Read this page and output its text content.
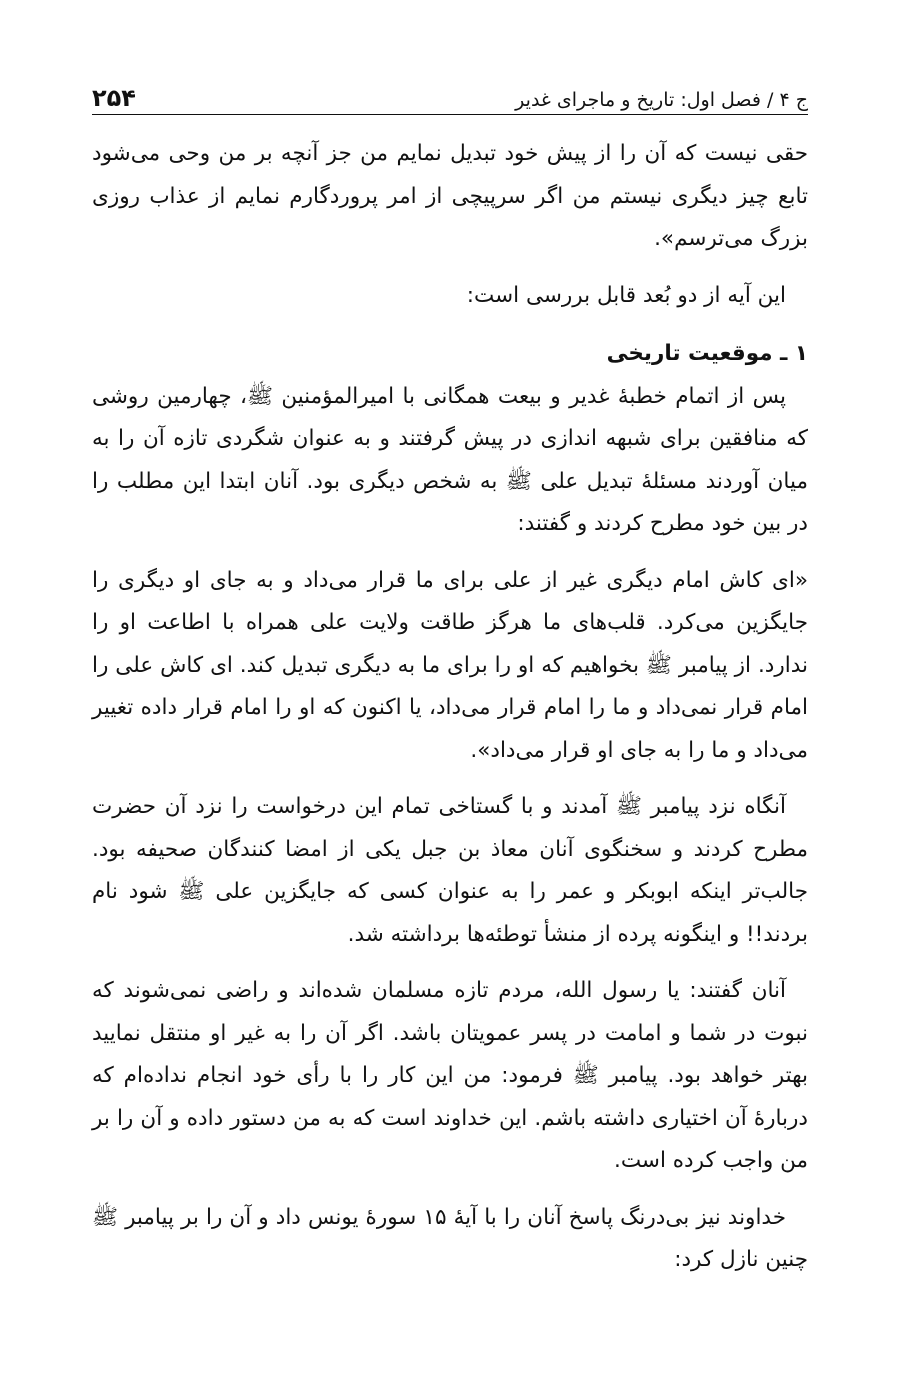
ج ۴ / فصل اول: تاریخ و ماجرای غدیر
۲۵۴

حقی نیست که آن را از پیش خود تبدیل نمایم من جز آنچه بر من وحی می‌شود تابع چیز دیگری نیستم من اگر سرپیچی از امر پروردگارم نمایم از عذاب روزی بزرگ می‌ترسم».

این آیه از دو بُعد قابل بررسی است:

۱ ـ موقعیت تاریخی

پس از اتمام خطبهٔ غدیر و بیعت همگانی با امیرالمؤمنین ﷺ، چهارمین روشی که منافقین برای شبهه اندازی در پیش گرفتند و به عنوان شگردی تازه آن را به میان آوردند مسئلهٔ تبدیل علی ﷺ به شخص دیگری بود. آنان ابتدا این مطلب را در بین خود مطرح کردند و گفتند:

«ای کاش امام دیگری غیر از علی برای ما قرار می‌داد و به جای او دیگری را جایگزین می‌کرد. قلب‌های ما هرگز طاقت ولایت علی همراه با اطاعت او را ندارد. از پیامبر ﷺ بخواهیم که او را برای ما به دیگری تبدیل کند. ای کاش علی را امام قرار نمی‌داد و ما را امام قرار می‌داد، یا اکنون که او را امام قرار داده تغییر می‌داد و ما را به جای او قرار می‌داد».

آنگاه نزد پیامبر ﷺ آمدند و با گستاخی تمام این درخواست را نزد آن حضرت مطرح کردند و سخنگوی آنان معاذ بن جبل یکی از امضا کنندگان صحیفه بود. جالب‌تر اینکه ابوبکر و عمر را به عنوان کسی که جایگزین علی ﷺ شود نام بردند!! و اینگونه پرده از منشأ توطئه‌ها برداشته شد.

آنان گفتند: یا رسول الله، مردم تازه مسلمان شده‌اند و راضی نمی‌شوند که نبوت در شما و امامت در پسر عمویتان باشد. اگر آن را به غیر او منتقل نمایید بهتر خواهد بود. پیامبر ﷺ فرمود: من این کار را با رأی خود انجام نداده‌ام که دربارهٔ آن اختیاری داشته باشم. این خداوند است که به من دستور داده و آن را بر من واجب کرده است.

خداوند نیز بی‌درنگ پاسخ آنان را با آیهٔ ۱۵ سورهٔ یونس داد و آن را بر پیامبر ﷺ چنین نازل کرد:
